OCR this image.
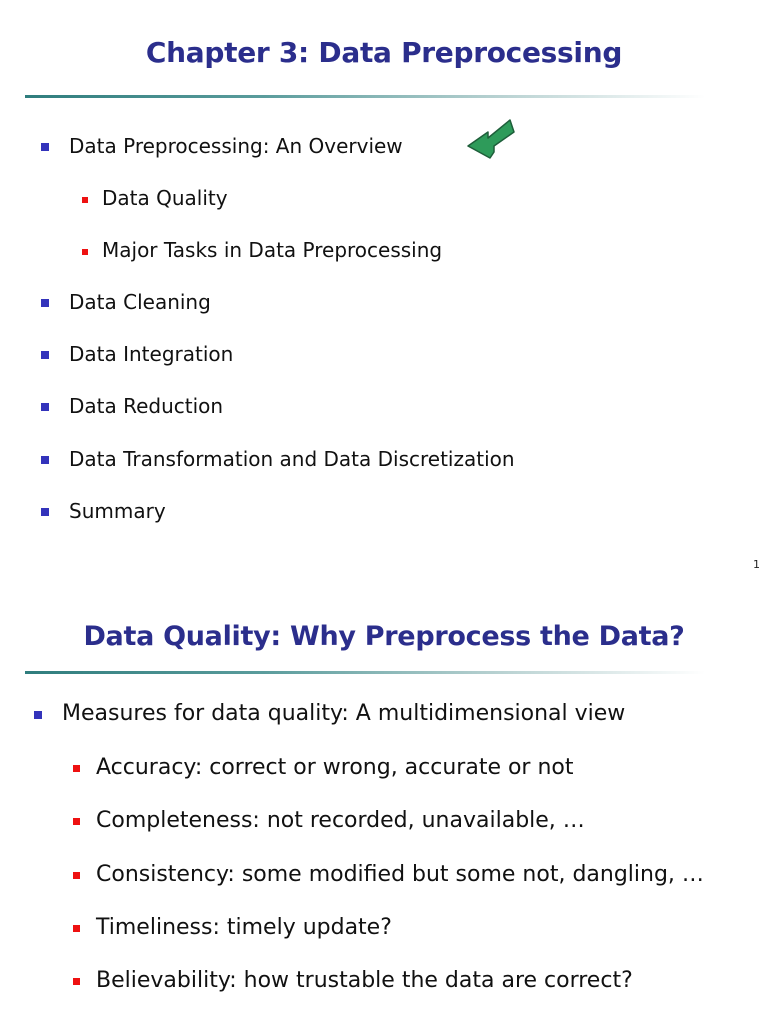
Chapter 3: Data Preprocessing
Data Preprocessing: An Overview
Data Quality
Major Tasks in Data Preprocessing
Data Cleaning
Data Integration
Data Reduction
Data Transformation and Data Discretization
Summary
1
Data Quality: Why Preprocess the Data?
Measures for data quality: A multidimensional view
Accuracy: correct or wrong, accurate or not
Completeness: not recorded, unavailable, …
Consistency: some modified but some not, dangling, …
Timeliness: timely update?
Believability: how trustable the data are correct?
